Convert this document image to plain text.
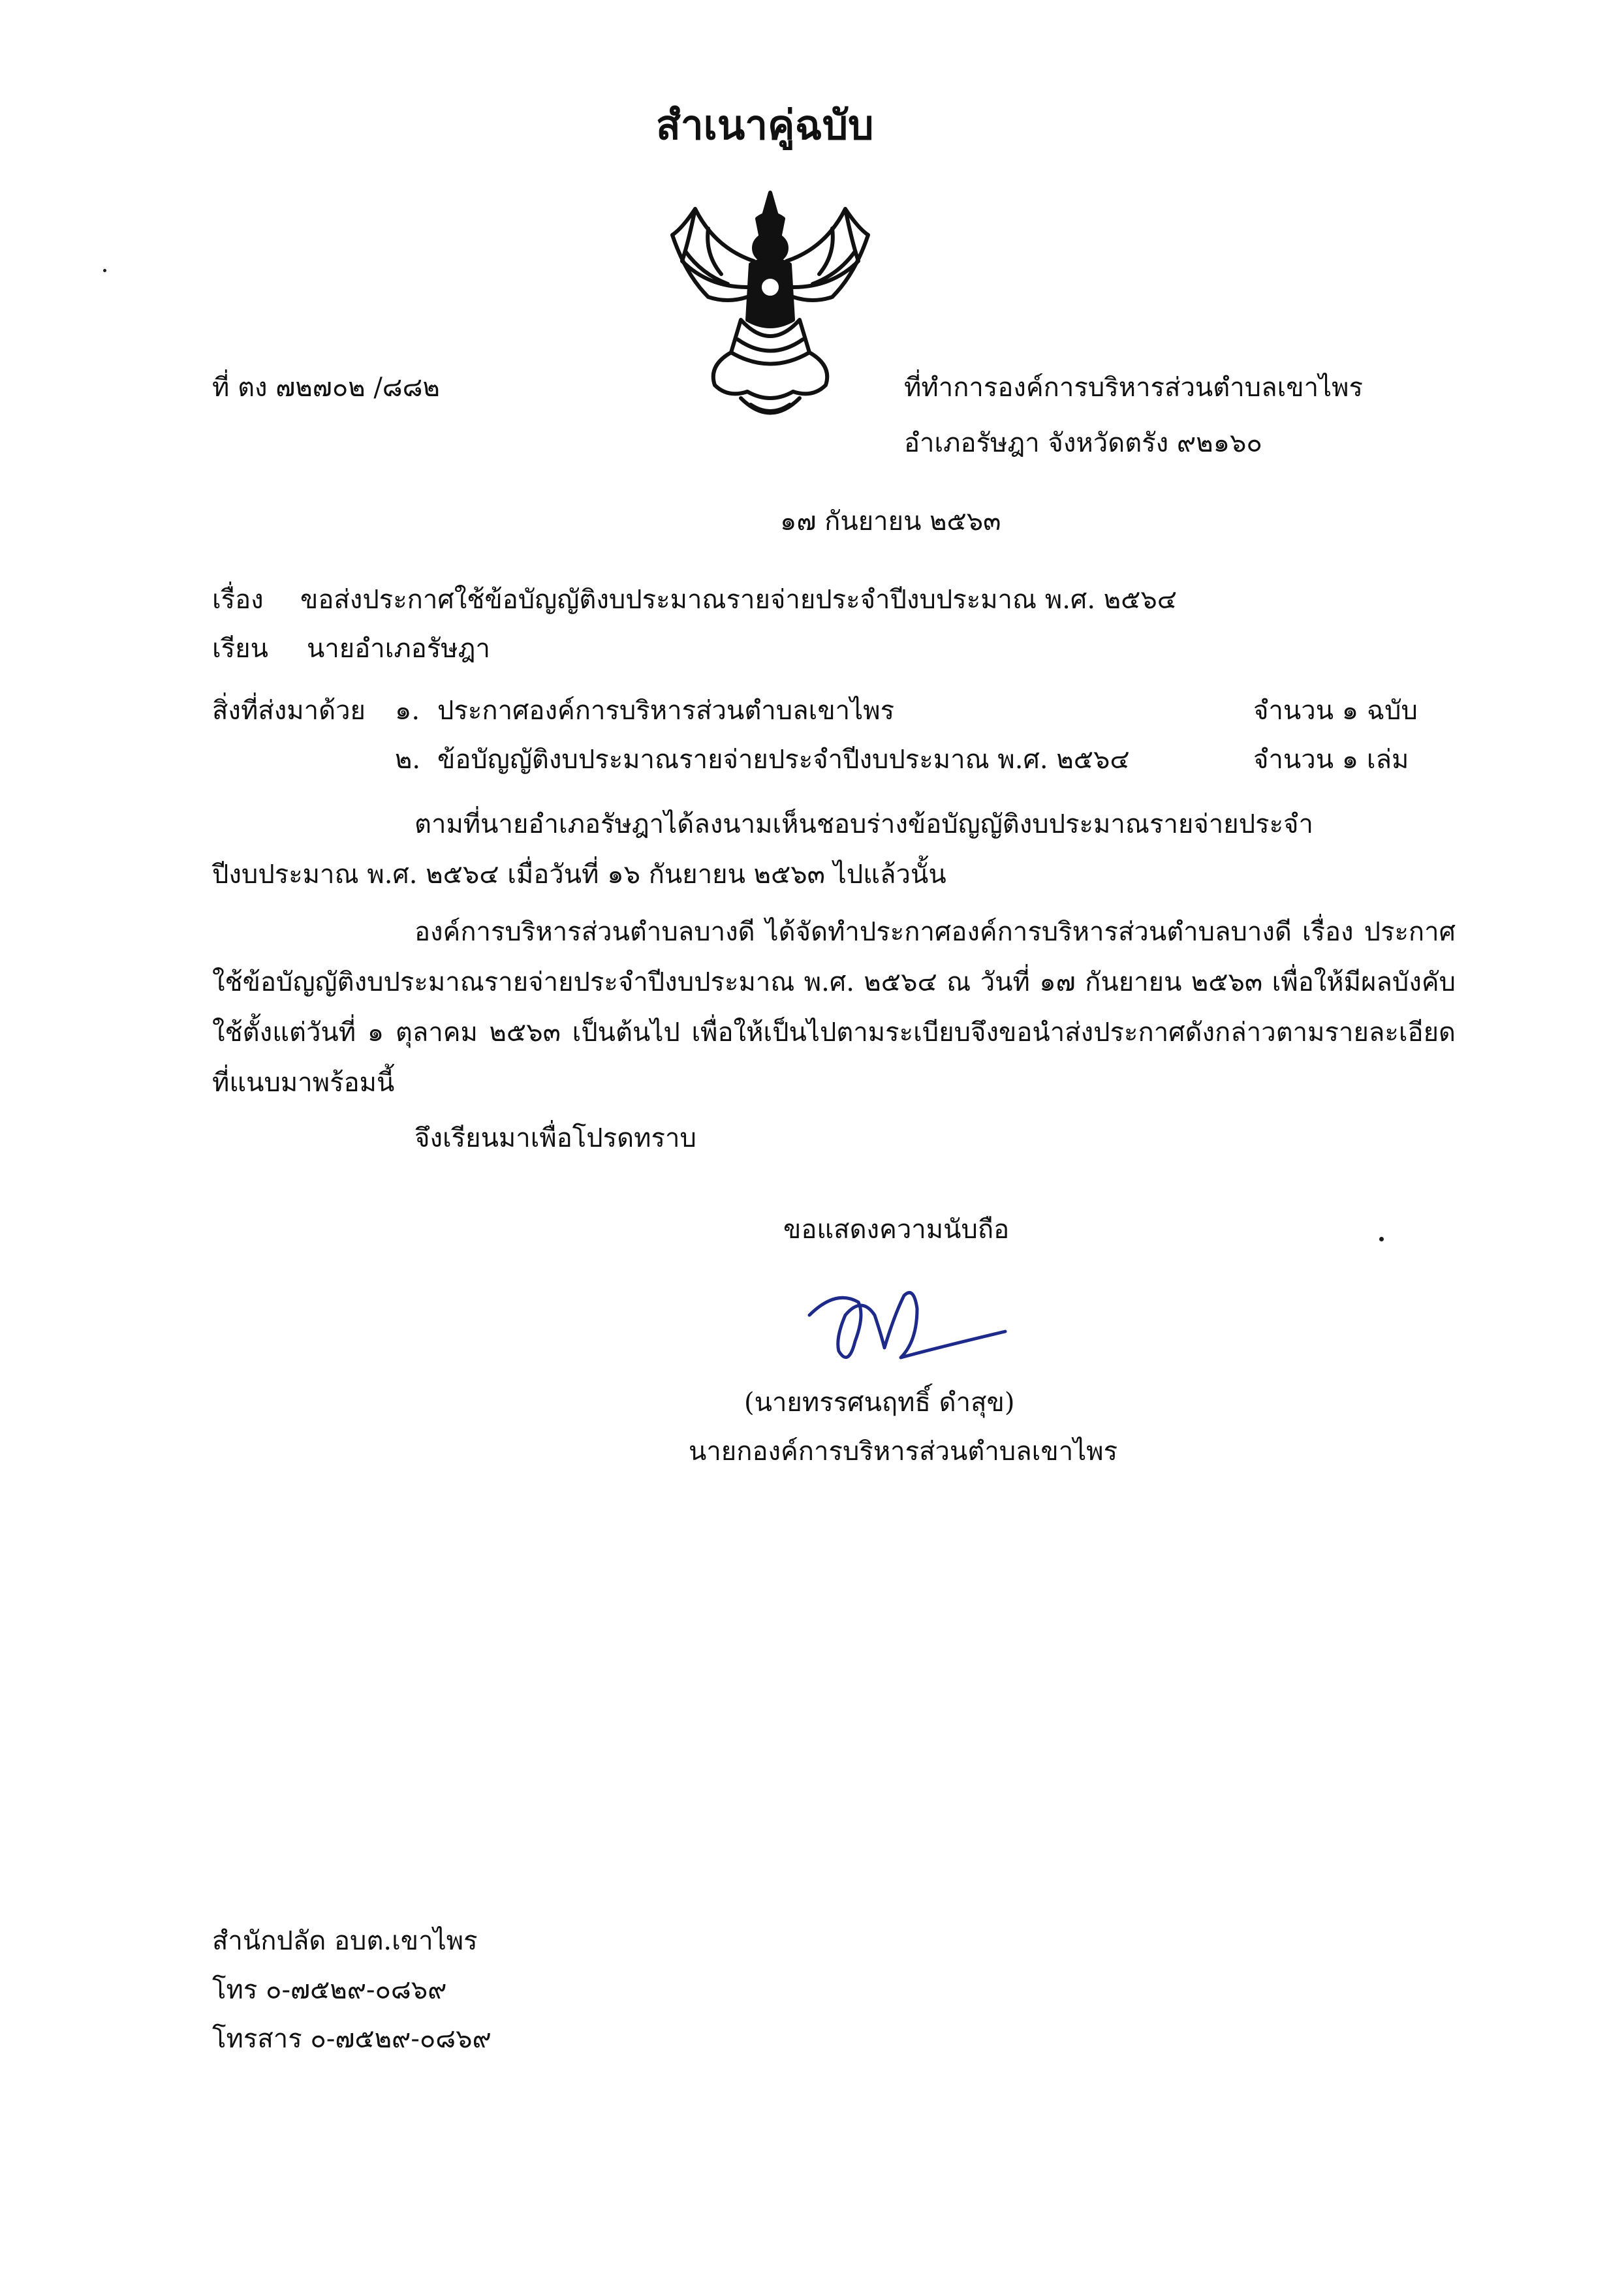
สำเนาคู่ฉบับ
ที่ ตง ๗๒๗๐๒ /๘๘๒	ที่ทำการองค์การบริหารส่วนตำบลเขาไพร
อำเภอรัษฎา จังหวัดตรัง ๙๒๑๖๐
๑๗ กันยายน ๒๕๖๓
เรื่อง ขอส่งประกาศใช้ข้อบัญญัติงบประมาณรายจ่ายประจำปีงบประมาณ พ.ศ. ๒๕๖๔
เรียน นายอำเภอรัษฎา
สิ่งที่ส่งมาด้วย ๑. ประกาศองค์การบริหารส่วนตำบลเขาไพร	จำนวน ๑ ฉบับ
๒. ข้อบัญญัติงบประมาณรายจ่ายประจำปีงบประมาณ พ.ศ. ๒๕๖๔	จำนวน ๑ เล่ม
ตามที่นายอำเภอรัษฎาได้ลงนามเห็นชอบร่างข้อบัญญัติงบประมาณรายจ่ายประจำปีงบประมาณ พ.ศ. ๒๕๖๔ เมื่อวันที่ ๑๖ กันยายน ๒๕๖๓ ไปแล้วนั้น
องค์การบริหารส่วนตำบลบางดี ได้จัดทำประกาศองค์การบริหารส่วนตำบลบางดี เรื่อง ประกาศใช้ข้อบัญญัติงบประมาณรายจ่ายประจำปีงบประมาณ พ.ศ. ๒๕๖๔ ณ วันที่ ๑๗ กันยายน ๒๕๖๓ เพื่อให้มีผลบังคับใช้ตั้งแต่วันที่ ๑ ตุลาคม ๒๕๖๓ เป็นต้นไป เพื่อให้เป็นไปตามระเบียบจึงขอนำส่งประกาศดังกล่าวตามรายละเอียดที่แนบมาพร้อมนี้
จึงเรียนมาเพื่อโปรดทราบ
ขอแสดงความนับถือ
(นายทรรศนฤทธิ์ ดำสุข)
นายกองค์การบริหารส่วนตำบลเขาไพร
สำนักปลัด อบต.เขาไพร
โทร ๐-๗๕๒๙-๐๘๖๙
โทรสาร ๐-๗๕๒๙-๐๘๖๙
